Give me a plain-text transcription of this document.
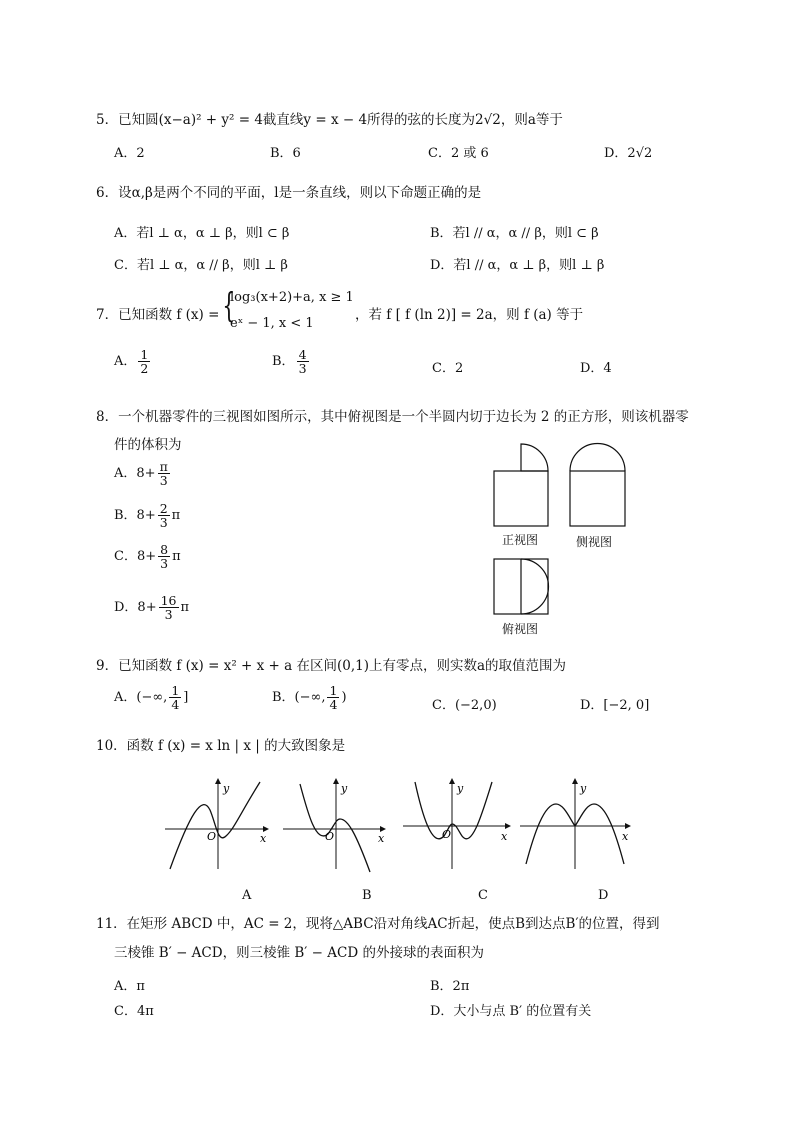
5．已知圆(x−a)² + y² = 4截直线y = x − 4所得的弦的长度为2√2，则a等于
A．2	B．6	C．2 或 6	D．2√2
6．设α,β是两个不同的平面，l是一条直线，则以下命题正确的是
A．若l ⊥ α，α ⊥ β，则l ⊂ β	B．若l // α，α // β，则l ⊂ β
C．若l ⊥ α，α // β，则l ⊥ β	D．若l // α，α ⊥ β，则l ⊥ β
7．已知函数 f (x) = {
log₃(x+2)+a, x ≥ 1
eˣ − 1, x < 1
，若 f [ f (ln 2)] = 2a，则 f (a) 等于
A． $\frac{1}{2}$	B． $\frac{4}{3}$	C．2	D．4
8．一个机器零件的三视图如图所示，其中俯视图是一个半圆内切于边长为 2 的正方形，则该机器零
件的体积为
A．$8+ \frac{\pi}{3}$
B．$8+ \frac{2}{3}$ π
C．$8+ \frac{8}{3}$ π
D．$8+ \frac{16}{3}$ π
正视图	侧视图
俯视图
9．已知函数 f (x) = x² + x + a 在区间(0,1)上有零点，则实数a的取值范围为
A．(−∞, $\frac{1}{4}$ ]	B．(−∞, $\frac{1}{4}$ )
C．(−2,0)	D．[−2, 0]
10．函数 f (x) = x ln | x | 的大致图象是
y
x
O
y
x
O
y
x
O
y
x
A	B	C	D
11．在矩形 ABCD 中，AC = 2，现将△ABC沿对角线AC折起，使点B到达点B′的位置，得到
三棱锥 B′ − ACD，则三棱锥 B′ − ACD 的外接球的表面积为
A．π	B．2π
C．4π	D．大小与点 B′ 的位置有关
